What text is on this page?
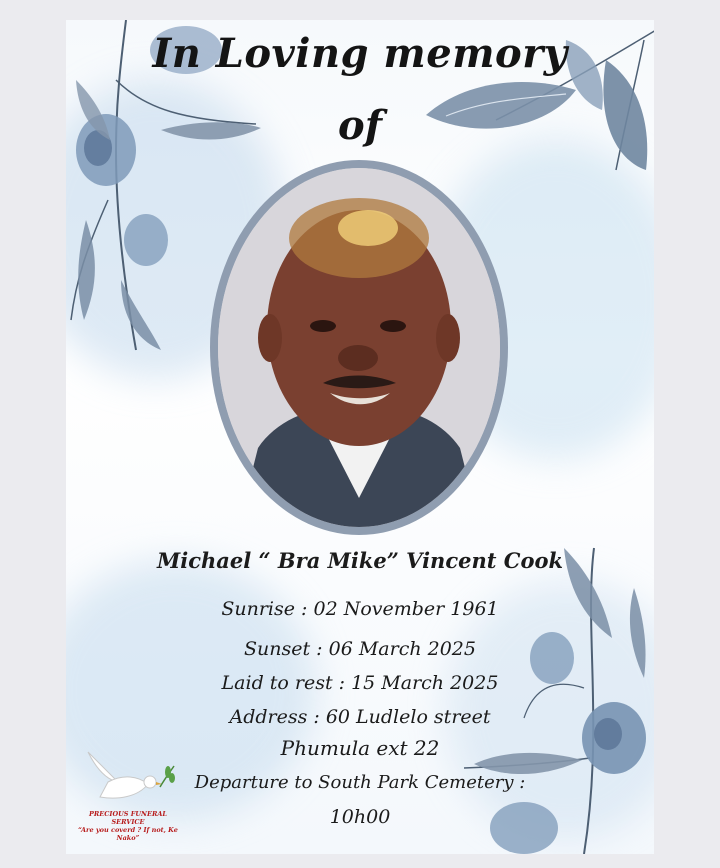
In Loving memory
of
Michael “ Bra Mike” Vincent Cook
Sunrise : 02 November 1961
Sunset : 06 March 2025
Laid to rest : 15 March 2025
Address : 60 Ludlelo street
Phumula ext 22
Departure to South Park Cemetery :
10h00
PRECIOUS FUNERAL
SERVICE
“Are you coverd ? If not, Ke Nako”
